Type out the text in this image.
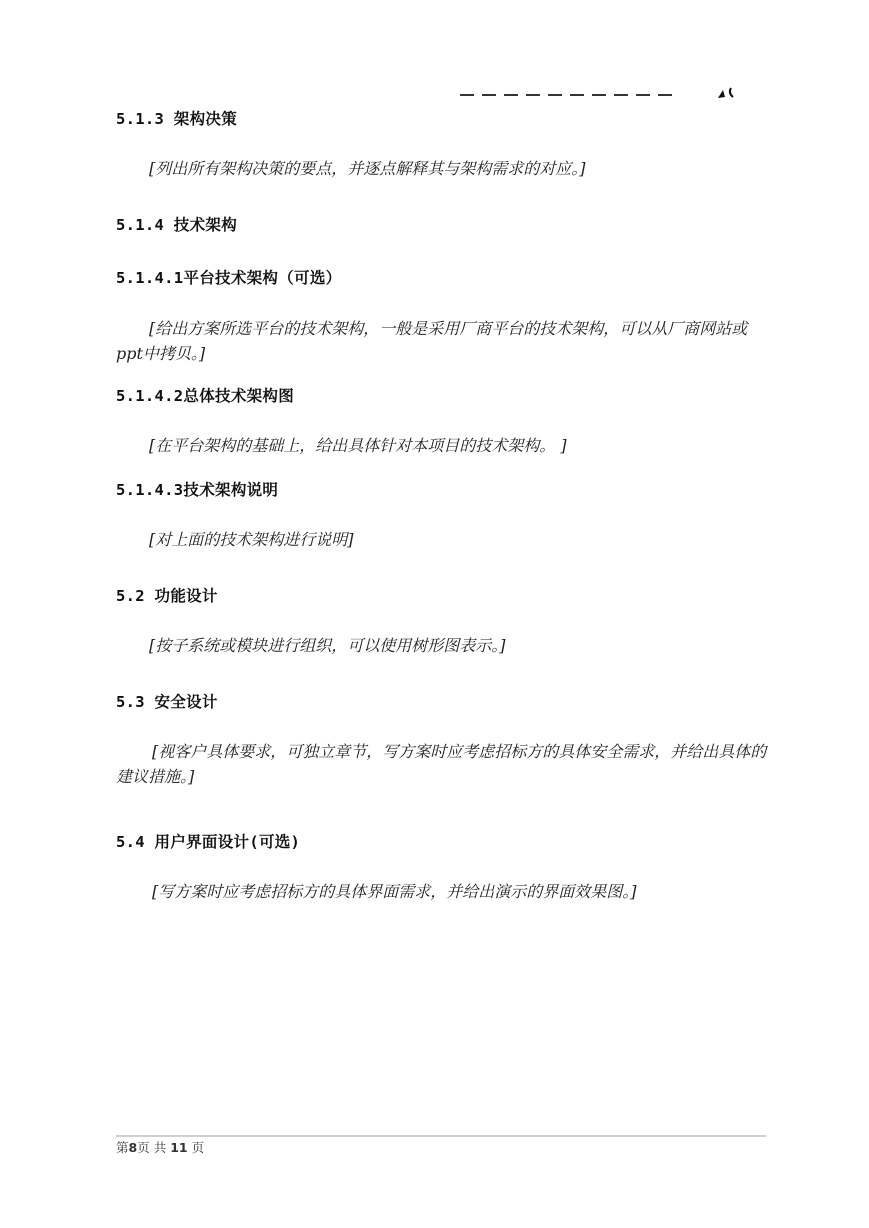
5.1.3 架构决策

[列出所有架构决策的要点，并逐点解释其与架构需求的对应。]

5.1.4 技术架构
5.1.4.1平台技术架构（可选）

[给出方案所选平台的技术架构，一般是采用厂商平台的技术架构，可以从厂商网站或ppt中拷贝。]

5.1.4.2总体技术架构图

[在平台架构的基础上，给出具体针对本项目的技术架构。 ]

5.1.4.3技术架构说明

[对上面的技术架构进行说明]

5.2 功能设计

[按子系统或模块进行组织，可以使用树形图表示。]

5.3 安全设计

[视客户具体要求，可独立章节，写方案时应考虑招标方的具体安全需求，并给出具体的建议措施。]

5.4 用户界面设计(可选)

[写方案时应考虑招标方的具体界面需求，并给出演示的界面效果图。]

第8页 共 11 页
